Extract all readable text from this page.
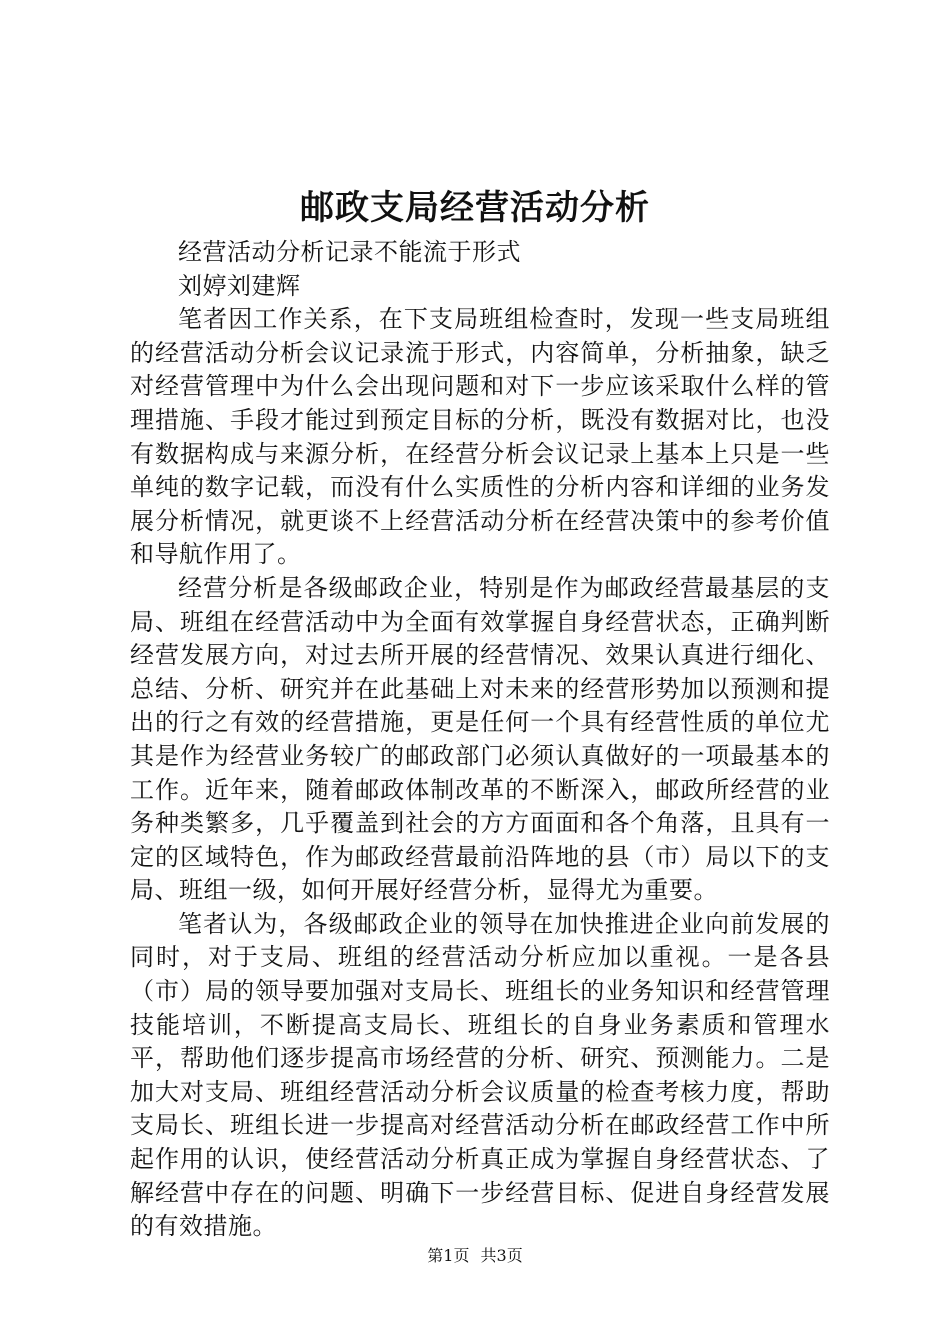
邮政支局经营活动分析

经营活动分析记录不能流于形式

刘婷刘建辉

笔者因工作关系，在下支局班组检查时，发现一些支局班组的经营活动分析会议记录流于形式，内容简单，分析抽象，缺乏对经营管理中为什么会出现问题和对下一步应该采取什么样的管理措施、手段才能过到预定目标的分析，既没有数据对比，也没有数据构成与来源分析，在经营分析会议记录上基本上只是一些单纯的数字记载，而没有什么实质性的分析内容和详细的业务发展分析情况，就更谈不上经营活动分析在经营决策中的参考价值和导航作用了。

经营分析是各级邮政企业，特别是作为邮政经营最基层的支局、班组在经营活动中为全面有效掌握自身经营状态，正确判断经营发展方向，对过去所开展的经营情况、效果认真进行细化、总结、分析、研究并在此基础上对未来的经营形势加以预测和提出的行之有效的经营措施，更是任何一个具有经营性质的单位尤其是作为经营业务较广的邮政部门必须认真做好的一项最基本的工作。近年来，随着邮政体制改革的不断深入，邮政所经营的业务种类繁多，几乎覆盖到社会的方方面面和各个角落，且具有一定的区域特色，作为邮政经营最前沿阵地的县（市）局以下的支局、班组一级，如何开展好经营分析，显得尤为重要。

笔者认为，各级邮政企业的领导在加快推进企业向前发展的同时，对于支局、班组的经营活动分析应加以重视。一是各县（市）局的领导要加强对支局长、班组长的业务知识和经营管理技能培训，不断提高支局长、班组长的自身业务素质和管理水平，帮助他们逐步提高市场经营的分析、研究、预测能力。二是加大对支局、班组经营活动分析会议质量的检查考核力度，帮助支局长、班组长进一步提高对经营活动分析在邮政经营工作中所起作用的认识，使经营活动分析真正成为掌握自身经营状态、了解经营中存在的问题、明确下一步经营目标、促进自身经营发展的有效措施。

第1页 共3页
